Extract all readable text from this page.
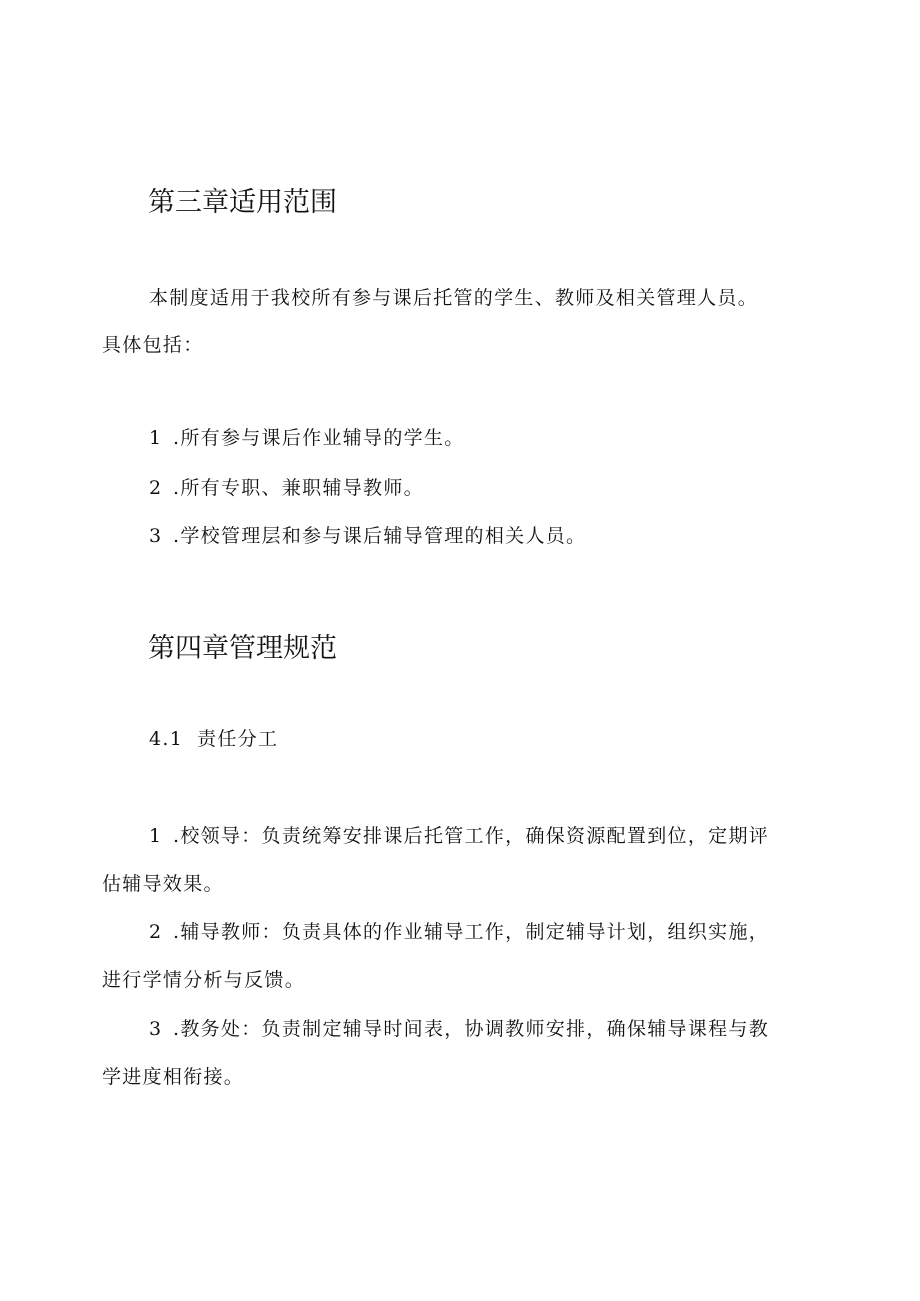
第三章适用范围

本制度适用于我校所有参与课后托管的学生、教师及相关管理人员。

具体包括：

1 .所有参与课后作业辅导的学生。

2 .所有专职、兼职辅导教师。

3 .学校管理层和参与课后辅导管理的相关人员。

第四章管理规范

4.1 责任分工

1 .校领导：负责统筹安排课后托管工作，确保资源配置到位，定期评

估辅导效果。

2 .辅导教师：负责具体的作业辅导工作，制定辅导计划，组织实施，

进行学情分析与反馈。

3 .教务处：负责制定辅导时间表，协调教师安排，确保辅导课程与教

学进度相衔接。
